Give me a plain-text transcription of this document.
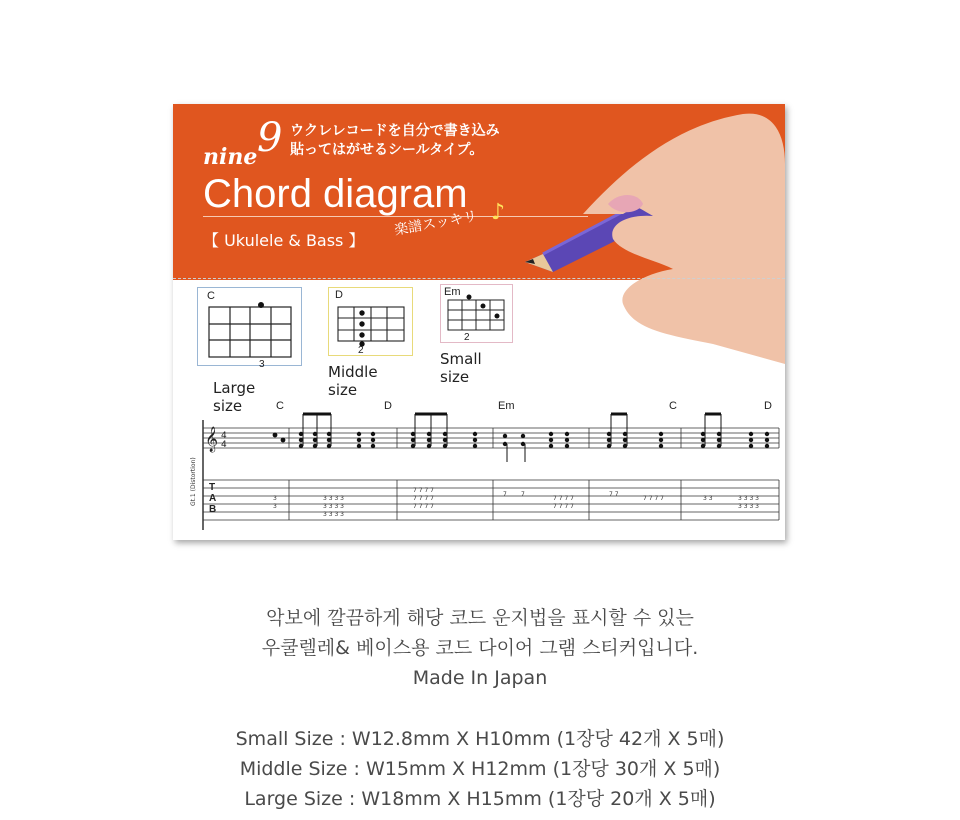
9
nine
ウクレレコードを自分で書き込み
貼ってはがせるシールタイプ。
Chord diagram
【 Ukulele & Bass 】
楽譜スッキリ ♪
C
3
Large size
D
2
Middle size
Em
2
Small size
C	D	Em	C	D
𝄞 4
4
Gt.1 (Distortion) T
A
B
3
3
3 3 3 3
3 3 3 3
3 3 3 3
7 7 7 7
7 7 7 7
7 7 7 7
7 7
7 7 7 7
7 7 7 7
7 7
7 7 7 7	3 3	3 3 3 3
3 3 3 3
악보에 깔끔하게 해당 코드 운지법을 표시할 수 있는
우쿨렐레& 베이스용 코드 다이어 그램 스티커입니다.
Made In Japan
Small Size : W12.8mm X H10mm (1장당 42개 X 5매)
Middle Size : W15mm X H12mm (1장당 30개 X 5매)
Large Size : W18mm X H15mm (1장당 20개 X 5매)
